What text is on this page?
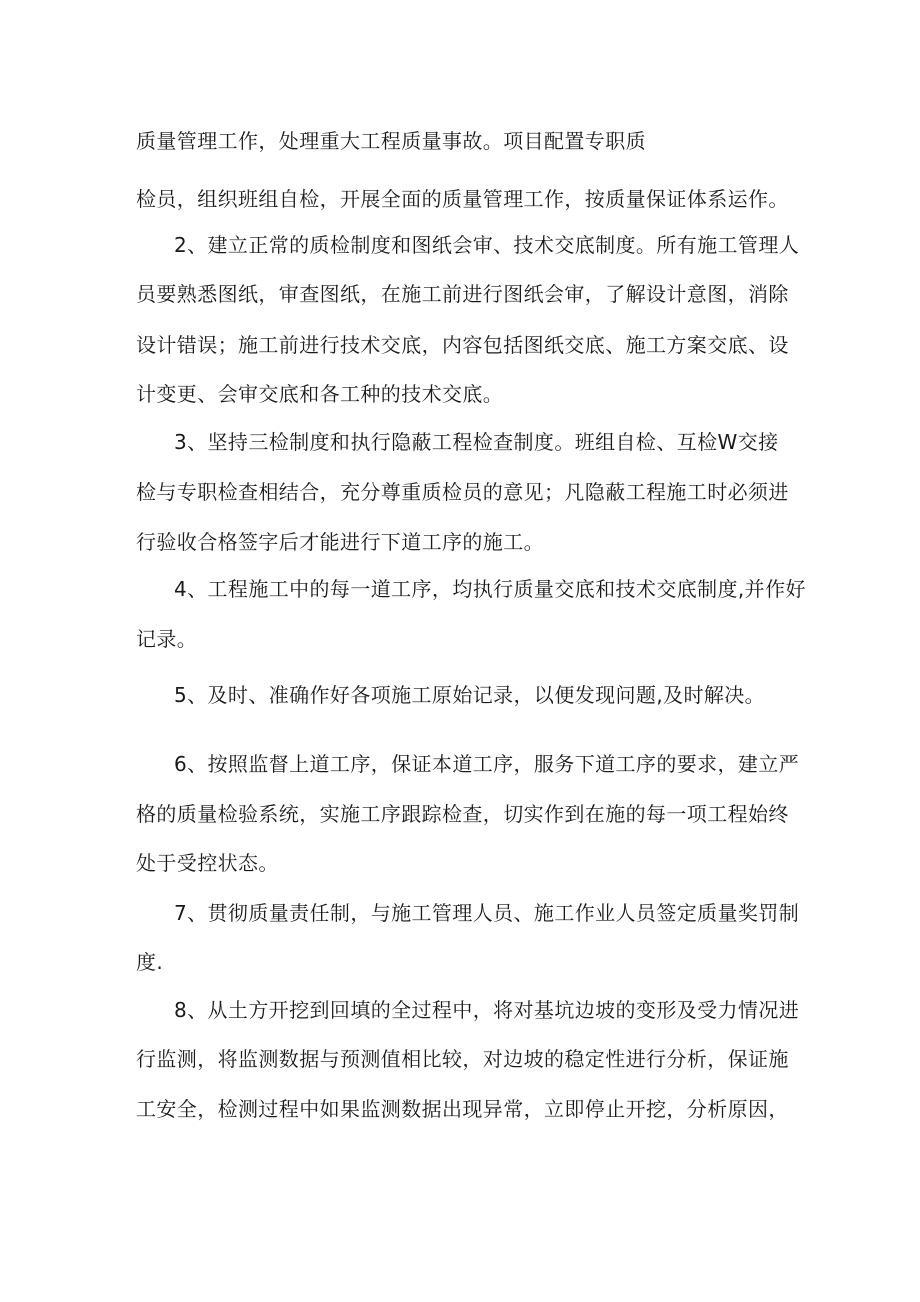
质量管理工作，处理重大工程质量事故。项目配置专职质
检员，组织班组自检，开展全面的质量管理工作，按质量保证体系运作。
2、建立正常的质检制度和图纸会审、技术交底制度。所有施工管理人
员要熟悉图纸，审查图纸，在施工前进行图纸会审，了解设计意图，消除
设计错误；施工前进行技术交底，内容包括图纸交底、施工方案交底、设
计变更、会审交底和各工种的技术交底。
3、坚持三检制度和执行隐蔽工程检查制度。班组自检、互检W交接
检与专职检查相结合，充分尊重质检员的意见；凡隐蔽工程施工时必须进
行验收合格签字后才能进行下道工序的施工。
4、工程施工中的每一道工序，均执行质量交底和技术交底制度,并作好
记录。
5、及时、准确作好各项施工原始记录，以便发现问题,及时解决。
6、按照监督上道工序，保证本道工序，服务下道工序的要求，建立严
格的质量检验系统，实施工序跟踪检查，切实作到在施的每一项工程始终
处于受控状态。
7、贯彻质量责任制，与施工管理人员、施工作业人员签定质量奖罚制
度.
8、从土方开挖到回填的全过程中，将对基坑边坡的变形及受力情况进
行监测，将监测数据与预测值相比较，对边坡的稳定性进行分析，保证施
工安全，检测过程中如果监测数据出现异常，立即停止开挖，分析原因，
